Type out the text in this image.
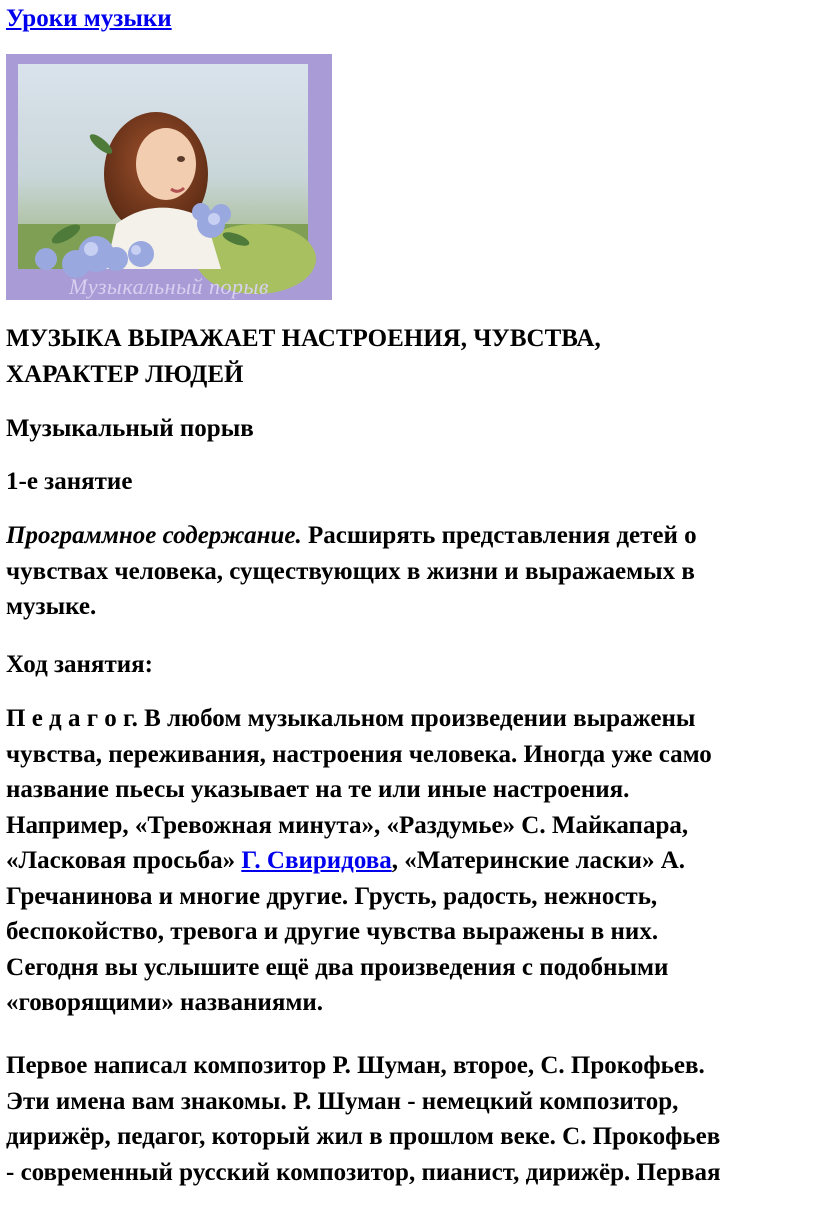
Уроки музыки
Музыкальный порыв
МУЗЫКА ВЫРАЖАЕТ НАСТРОЕНИЯ, ЧУВСТВА,
ХАРАКТЕР ЛЮДЕЙ
Музыкальный порыв
1-е занятие
Программное содержание. Расширять представления детей о
чувствах человека, существующих в жизни и выражаемых в
музыке.
Ход занятия:
П е д а г о г. В любом музыкальном произведении выражены
чувства, переживания, настроения человека. Иногда уже само
название пьесы указывает на те или иные настроения.
Например, «Тревожная минута», «Раздумье» С. Майкапара,
«Ласковая просьба» Г. Свиридова, «Материнские ласки» А.
Гречанинова и многие другие. Грусть, радость, нежность,
беспокойство, тревога и другие чувства выражены в них.
Сегодня вы услышите ещё два произведения с подобными
«говорящими» названиями.
Первое написал композитор Р. Шуман, второе, С. Прокофьев.
Эти имена вам знакомы. Р. Шуман - немецкий композитор,
дирижёр, педагог, который жил в прошлом веке. С. Прокофьев
- современный русский композитор, пианист, дирижёр. Первая
